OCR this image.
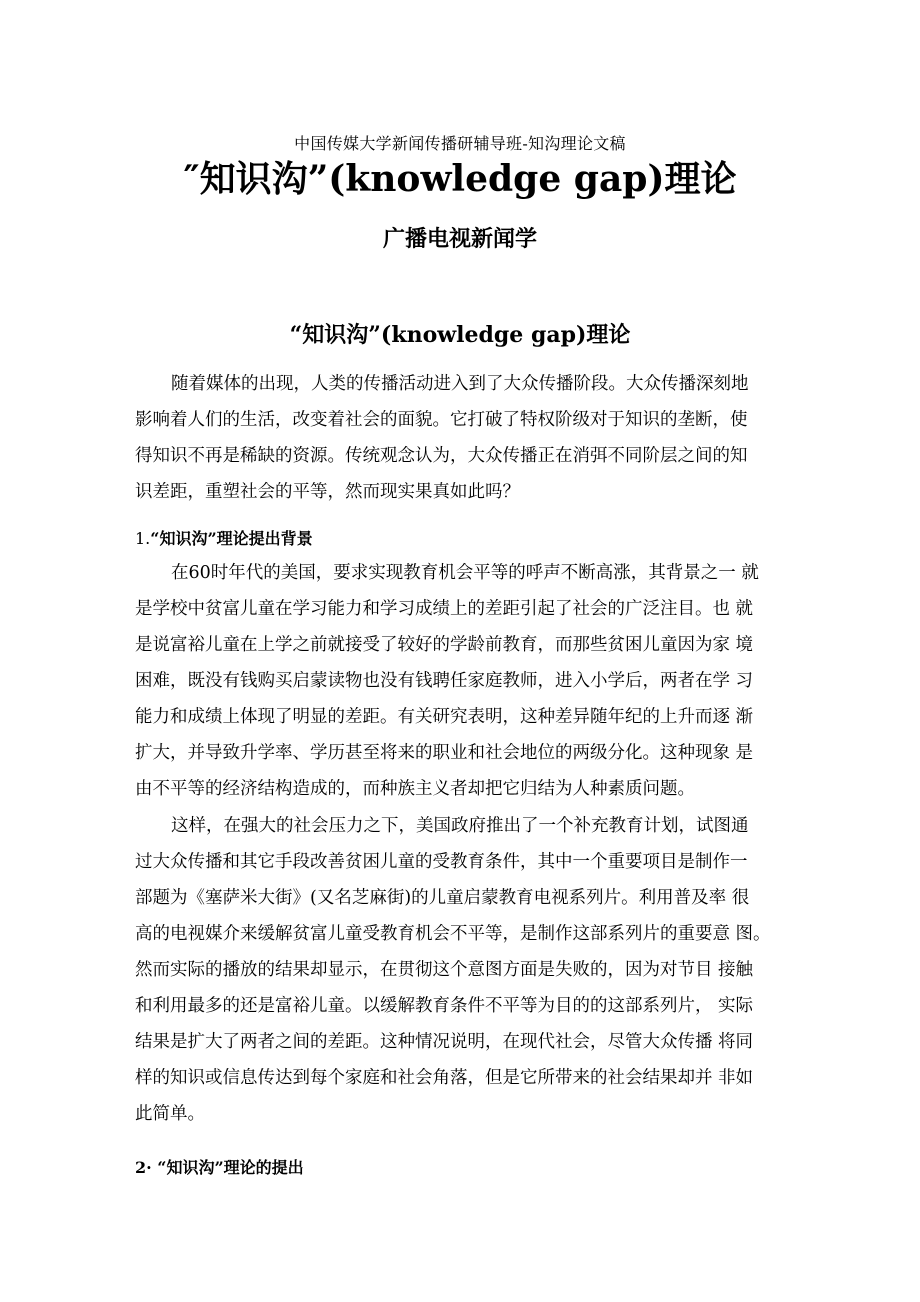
中国传媒大学新闻传播研辅导班-知沟理论文稿
″知识沟”(knowledge gap)理论
广播电视新闻学
“知识沟”(knowledge gap)理论
随着媒体的出现，人类的传播活动进入到了大众传播阶段。大众传播深刻地
影响着人们的生活，改变着社会的面貌。它打破了特权阶级对于知识的垄断，使
得知识不再是稀缺的资源。传统观念认为，大众传播正在消弭不同阶层之间的知
识差距，重塑社会的平等，然而现实果真如此吗？
1.“知识沟”理论提出背景
在60时年代的美国，要求实现教育机会平等的呼声不断高涨，其背景之一 就
是学校中贫富儿童在学习能力和学习成绩上的差距引起了社会的广泛注目。也 就
是说富裕儿童在上学之前就接受了较好的学龄前教育，而那些贫困儿童因为家 境
困难，既没有钱购买启蒙读物也没有钱聘任家庭教师，进入小学后，两者在学 习
能力和成绩上体现了明显的差距。有关研究表明，这种差异随年纪的上升而逐 渐
扩大，并导致升学率、学历甚至将来的职业和社会地位的两级分化。这种现象 是
由不平等的经济结构造成的，而种族主义者却把它归结为人种素质问题。
这样，在强大的社会压力之下，美国政府推出了一个补充教育计划，试图通
过大众传播和其它手段改善贫困儿童的受教育条件，其中一个重要项目是制作一
部题为《塞萨米大街》(又名芝麻街)的儿童启蒙教育电视系列片。利用普及率 很
高的电视媒介来缓解贫富儿童受教育机会不平等，是制作这部系列片的重要意 图。
然而实际的播放的结果却显示，在贯彻这个意图方面是失败的，因为对节目 接触
和利用最多的还是富裕儿童。以缓解教育条件不平等为目的的这部系列片， 实际
结果是扩大了两者之间的差距。这种情况说明，在现代社会，尽管大众传播 将同
样的知识或信息传达到每个家庭和社会角落，但是它所带来的社会结果却并 非如
此简单。
2· “知识沟”理论的提出
